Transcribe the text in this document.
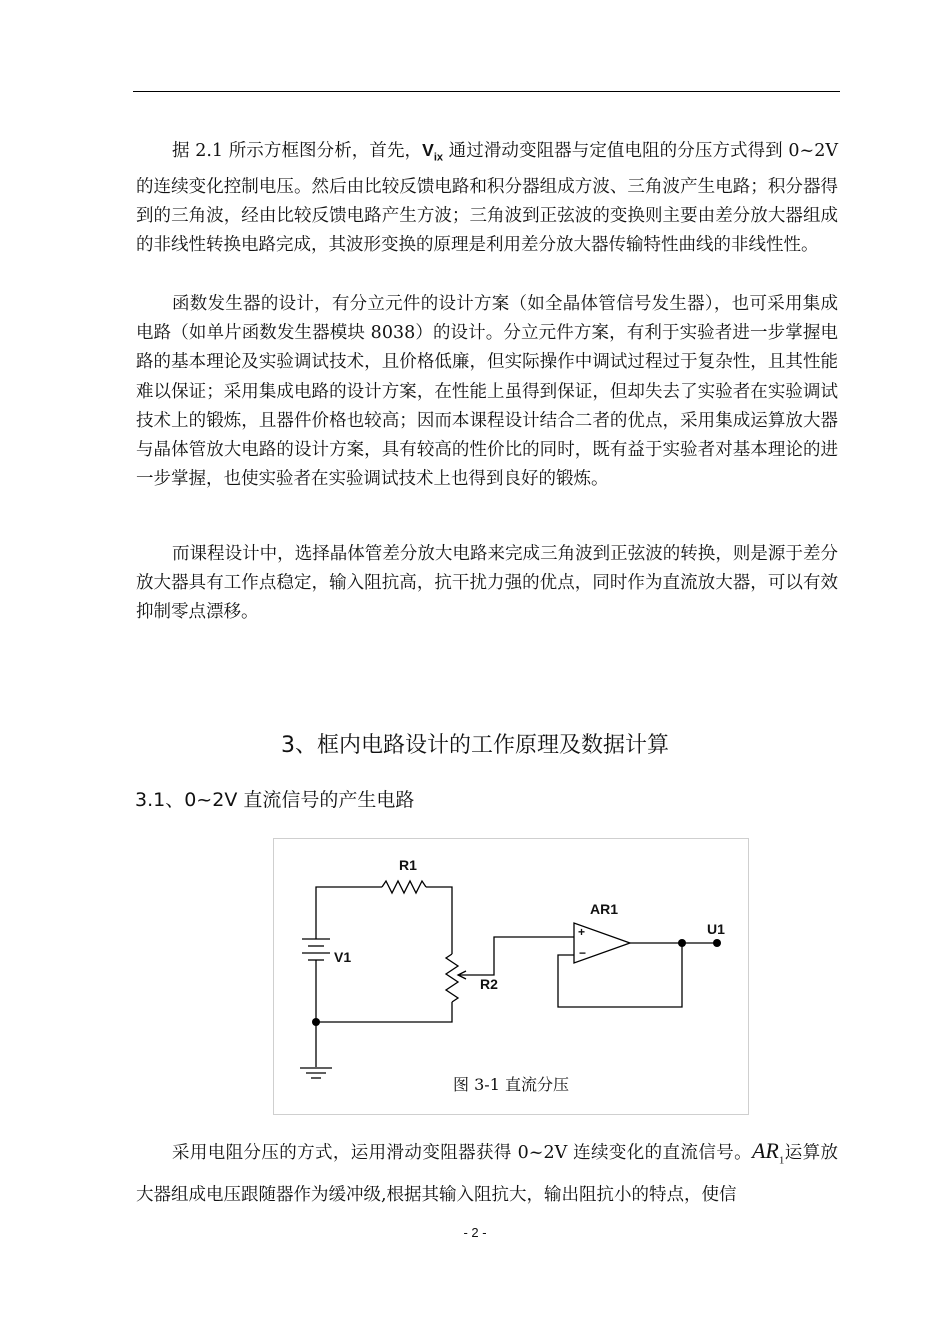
据 2.1 所示方框图分析，首先，$V_{ix}$ 通过滑动变阻器与定值电阻的分压方式得到 0~2V 的连续变化控制电压。然后由比较反馈电路和积分器组成方波、三角波产生电路；积分器得到的三角波，经由比较反馈电路产生方波；三角波到正弦波的变换则主要由差分放大器组成的非线性转换电路完成，其波形变换的原理是利用差分放大器传输特性曲线的非线性性。

函数发生器的设计，有分立元件的设计方案（如全晶体管信号发生器），也可采用集成电路（如单片函数发生器模块 8038）的设计。分立元件方案，有利于实验者进一步掌握电路的基本理论及实验调试技术，且价格低廉，但实际操作中调试过程过于复杂性，且其性能难以保证；采用集成电路的设计方案，在性能上虽得到保证，但却失去了实验者在实验调试技术上的锻炼，且器件价格也较高；因而本课程设计结合二者的优点，采用集成运算放大器与晶体管放大电路的设计方案，具有较高的性价比的同时，既有益于实验者对基本理论的进一步掌握，也使实验者在实验调试技术上也得到良好的锻炼。

而课程设计中，选择晶体管差分放大电路来完成三角波到正弦波的转换，则是源于差分放大器具有工作点稳定，输入阻抗高，抗干扰力强的优点，同时作为直流放大器，可以有效抑制零点漂移。

3、框内电路设计的工作原理及数据计算
3.1、0~2V 直流信号的产生电路
R1
V1
R2
AR1
U1
+
−
图 3-1 直流分压

采用电阻分压的方式，运用滑动变阻器获得 0~2V 连续变化的直流信号。$AR_1$运算放大器组成电压跟随器作为缓冲级,根据其输入阻抗大，输出阻抗小的特点，使信

- 2 -
